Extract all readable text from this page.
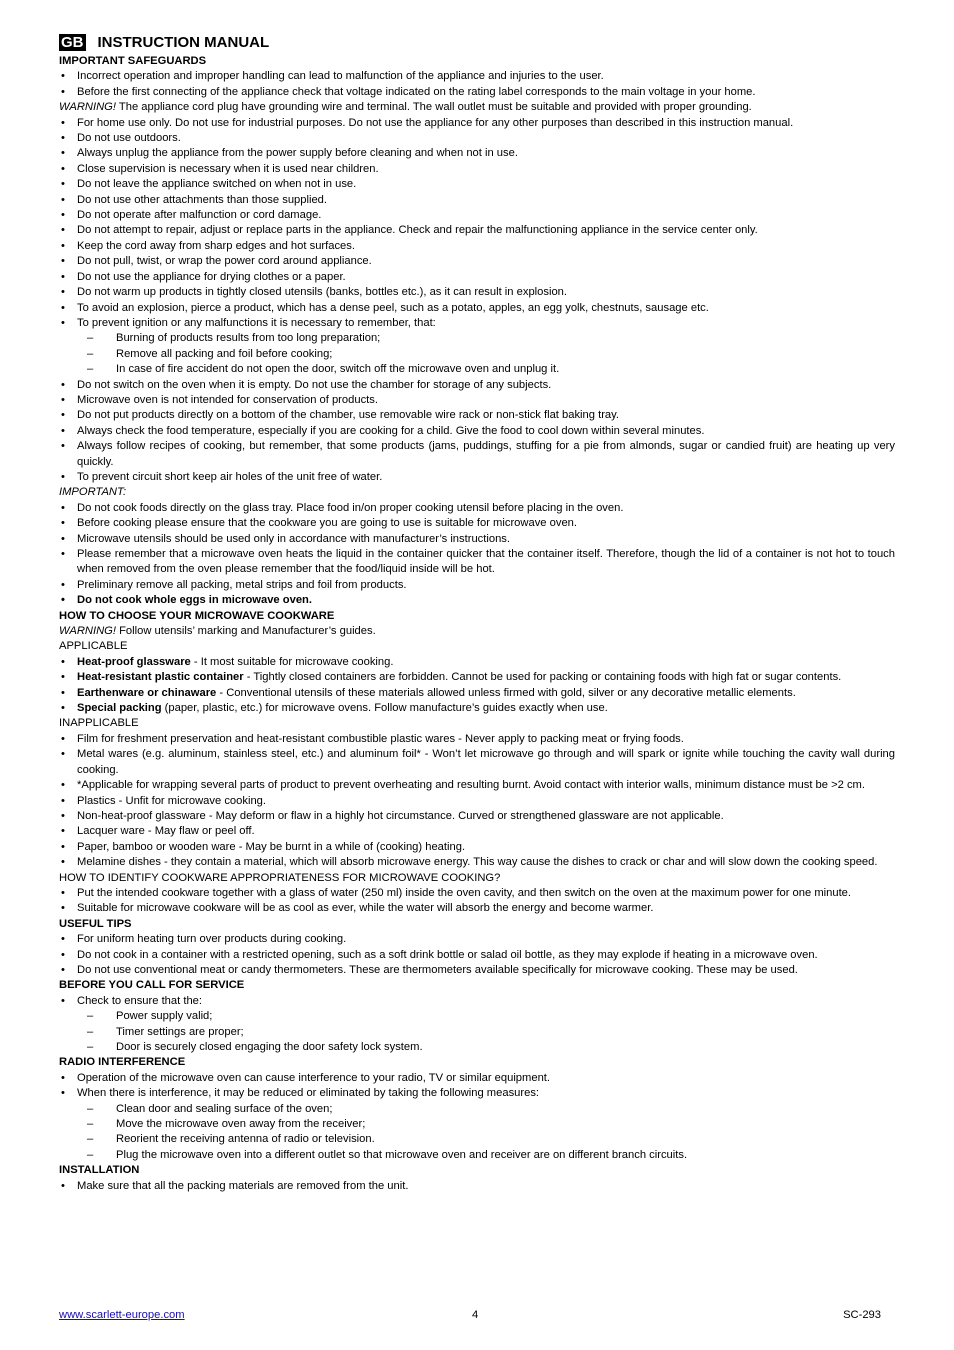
GB INSTRUCTION MANUAL

IMPORTANT SAFEGUARDS

• Incorrect operation and improper handling can lead to malfunction of the appliance and injuries to the user.

• Before the first connecting of the appliance check that voltage indicated on the rating label corresponds to the main voltage in your home.

WARNING! The appliance cord plug have grounding wire and terminal. The wall outlet must be suitable and provided with proper grounding.

• For home use only. Do not use for industrial purposes. Do not use the appliance for any other purposes than described in this instruction manual.

• Do not use outdoors.

• Always unplug the appliance from the power supply before cleaning and when not in use.

• Close supervision is necessary when it is used near children.

• Do not leave the appliance switched on when not in use.

• Do not use other attachments than those supplied.

• Do not operate after malfunction or cord damage.

• Do not attempt to repair, adjust or replace parts in the appliance. Check and repair the malfunctioning appliance in the service center only.

• Keep the cord away from sharp edges and hot surfaces.

• Do not pull, twist, or wrap the power cord around appliance.

• Do not use the appliance for drying clothes or a paper.

• Do not warm up products in tightly closed utensils (banks, bottles etc.), as it can result in explosion.

• To avoid an explosion, pierce a product, which has a dense peel, such as a potato, apples, an egg yolk, chestnuts, sausage etc.

• To prevent ignition or any malfunctions it is necessary to remember, that:

– Burning of products results from too long preparation;

– Remove all packing and foil before cooking;

– In case of fire accident do not open the door, switch off the microwave oven and unplug it.

• Do not switch on the oven when it is empty. Do not use the chamber for storage of any subjects.

• Microwave oven is not intended for conservation of products.

• Do not put products directly on a bottom of the chamber, use removable wire rack or non-stick flat baking tray.

• Always check the food temperature, especially if you are cooking for a child. Give the food to cool down within several minutes.

• Always follow recipes of cooking, but remember, that some products (jams, puddings, stuffing for a pie from almonds, sugar or candied fruit) are heating up very quickly.

• To prevent circuit short keep air holes of the unit free of water.

IMPORTANT:

• Do not cook foods directly on the glass tray. Place food in/on proper cooking utensil before placing in the oven.

• Before cooking please ensure that the cookware you are going to use is suitable for microwave oven.

• Microwave utensils should be used only in accordance with manufacturer’s instructions.

• Please remember that a microwave oven heats the liquid in the container quicker that the container itself. Therefore, though the lid of a container is not hot to touch when removed from the oven please remember that the food/liquid inside will be hot.

• Preliminary remove all packing, metal strips and foil from products.

• Do not cook whole eggs in microwave oven.

HOW TO CHOOSE YOUR MICROWAVE COOKWARE

WARNING! Follow utensils’ marking and Manufacturer’s guides.

APPLICABLE

• Heat-proof glassware - It most suitable for microwave cooking.

• Heat-resistant plastic container - Tightly closed containers are forbidden. Cannot be used for packing or containing foods with high fat or sugar contents.

• Earthenware or chinaware - Conventional utensils of these materials allowed unless firmed with gold, silver or any decorative metallic elements.

• Special packing (paper, plastic, etc.) for microwave ovens. Follow manufacture’s guides exactly when use.

INAPPLICABLE

• Film for freshment preservation and heat-resistant combustible plastic wares - Never apply to packing meat or frying foods.

• Metal wares (e.g. aluminum, stainless steel, etc.) and aluminum foil* - Won’t let microwave go through and will spark or ignite while touching the cavity wall during cooking.

• *Applicable for wrapping several parts of product to prevent overheating and resulting burnt. Avoid contact with interior walls, minimum distance must be >2 cm.

• Plastics - Unfit for microwave cooking.

• Non-heat-proof glassware - May deform or flaw in a highly hot circumstance. Curved or strengthened glassware are not applicable.

• Lacquer ware - May flaw or peel off.

• Paper, bamboo or wooden ware - May be burnt in a while of (cooking) heating.

• Melamine dishes - they contain a material, which will absorb microwave energy. This way cause the dishes to crack or char and will slow down the cooking speed.

HOW TO IDENTIFY COOKWARE APPROPRIATENESS FOR MICROWAVE COOKING?

• Put the intended cookware together with a glass of water (250 ml) inside the oven cavity, and then switch on the oven at the maximum power for one minute.

• Suitable for microwave cookware will be as cool as ever, while the water will absorb the energy and become warmer.

USEFUL TIPS

• For uniform heating turn over products during cooking.

• Do not cook in a container with a restricted opening, such as a soft drink bottle or salad oil bottle, as they may explode if heating in a microwave oven.

• Do not use conventional meat or candy thermometers. These are thermometers available specifically for microwave cooking. These may be used.

BEFORE YOU CALL FOR SERVICE

• Check to ensure that the:

– Power supply valid;

– Timer settings are proper;

– Door is securely closed engaging the door safety lock system.

RADIO INTERFERENCE

• Operation of the microwave oven can cause interference to your radio, TV or similar equipment.

• When there is interference, it may be reduced or eliminated by taking the following measures:

– Clean door and sealing surface of the oven;

– Move the microwave oven away from the receiver;

– Reorient the receiving antenna of radio or television.

– Plug the microwave oven into a different outlet so that microwave oven and receiver are on different branch circuits.

INSTALLATION

• Make sure that all the packing materials are removed from the unit.

www.scarlett-europe.com	4	SC-293
